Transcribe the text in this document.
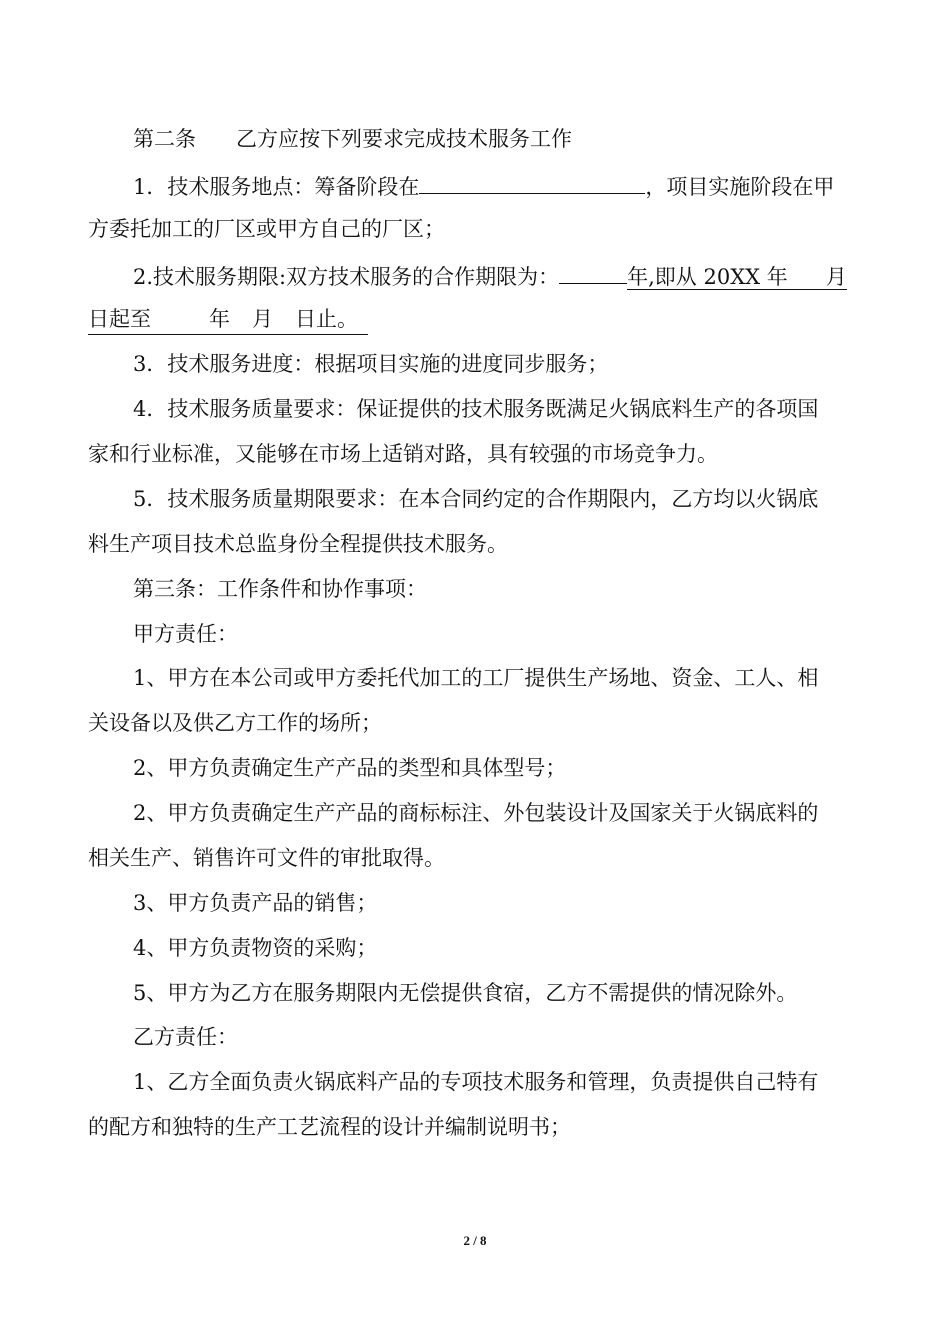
第二条 乙方应按下列要求完成技术服务工作
1．技术服务地点：筹备阶段在	，项目实施阶段在甲
方委托加工的厂区或甲方自己的厂区；
2.技术服务期限:双方技术服务的合作期限为：	年,即从 20XX 年 月
日起至	年 月 日止。
3．技术服务进度：根据项目实施的进度同步服务；
4．技术服务质量要求：保证提供的技术服务既满足火锅底料生产的各项国
家和行业标准，又能够在市场上适销对路，具有较强的市场竞争力。
5．技术服务质量期限要求：在本合同约定的合作期限内，乙方均以火锅底
料生产项目技术总监身份全程提供技术服务。
第三条：工作条件和协作事项：
甲方责任：
1、甲方在本公司或甲方委托代加工的工厂提供生产场地、资金、工人、相
关设备以及供乙方工作的场所；
2、甲方负责确定生产产品的类型和具体型号；
2、甲方负责确定生产产品的商标标注、外包装设计及国家关于火锅底料的
相关生产、销售许可文件的审批取得。
3、甲方负责产品的销售；
4、甲方负责物资的采购；
5、甲方为乙方在服务期限内无偿提供食宿，乙方不需提供的情况除外。
乙方责任：
1、乙方全面负责火锅底料产品的专项技术服务和管理，负责提供自己特有
的配方和独特的生产工艺流程的设计并编制说明书；
2 / 8
